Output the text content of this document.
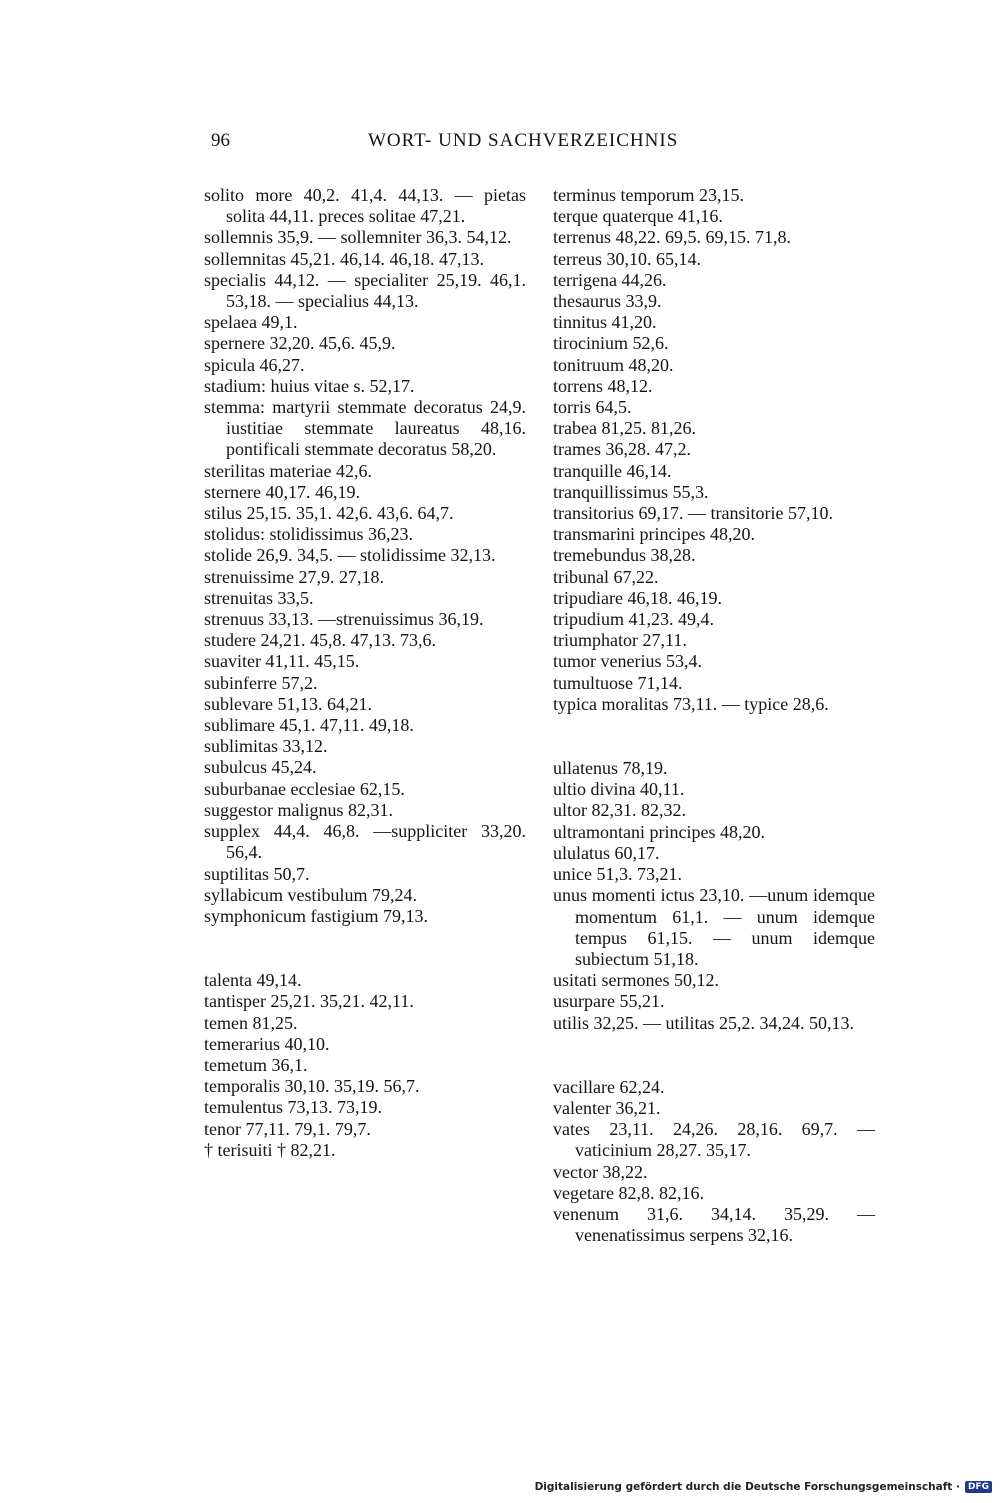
96	WORT- UND SACHVERZEICHNIS
solito more 40,2. 41,4. 44,13. — pietas solita 44,11. preces solitae 47,21.
sollemnis 35,9. — sollemniter 36,3. 54,12.
sollemnitas 45,21. 46,14. 46,18. 47,13.
specialis 44,12. — specialiter 25,19. 46,1. 53,18. — specialius 44,13.
spelaea 49,1.
spernere 32,20. 45,6. 45,9.
spicula 46,27.
stadium: huius vitae s. 52,17.
stemma: martyrii stemmate decoratus 24,9. iustitiae stemmate laureatus 48,16. pontificali stemmate decoratus 58,20.
sterilitas materiae 42,6.
sternere 40,17. 46,19.
stilus 25,15. 35,1. 42,6. 43,6. 64,7.
stolidus: stolidissimus 36,23.
stolide 26,9. 34,5. — stolidissime 32,13.
strenuissime 27,9. 27,18.
strenuitas 33,5.
strenuus 33,13. —strenuissimus 36,19.
studere 24,21. 45,8. 47,13. 73,6.
suaviter 41,11. 45,15.
subinferre 57,2.
sublevare 51,13. 64,21.
sublimare 45,1. 47,11. 49,18.
sublimitas 33,12.
subulcus 45,24.
suburbanae ecclesiae 62,15.
suggestor malignus 82,31.
supplex 44,4. 46,8. —suppliciter 33,20. 56,4.
suptilitas 50,7.
syllabicum vestibulum 79,24.
symphonicum fastigium 79,13.
talenta 49,14.
tantisper 25,21. 35,21. 42,11.
temen 81,25.
temerarius 40,10.
temetum 36,1.
temporalis 30,10. 35,19. 56,7.
temulentus 73,13. 73,19.
tenor 77,11. 79,1. 79,7.
† terisuiti † 82,21.
terminus temporum 23,15.
terque quaterque 41,16.
terrenus 48,22. 69,5. 69,15. 71,8.
terreus 30,10. 65,14.
terrigena 44,26.
thesaurus 33,9.
tinnitus 41,20.
tirocinium 52,6.
tonitruum 48,20.
torrens 48,12.
torris 64,5.
trabea 81,25. 81,26.
trames 36,28. 47,2.
tranquille 46,14.
tranquillissimus 55,3.
transitorius 69,17. — transitorie 57,10.
transmarini principes 48,20.
tremebundus 38,28.
tribunal 67,22.
tripudiare 46,18. 46,19.
tripudium 41,23. 49,4.
triumphator 27,11.
tumor venerius 53,4.
tumultuose 71,14.
typica moralitas 73,11. — typice 28,6.
ullatenus 78,19.
ultio divina 40,11.
ultor 82,31. 82,32.
ultramontani principes 48,20.
ululatus 60,17.
unice 51,3. 73,21.
unus momenti ictus 23,10. —unum idemque momentum 61,1. — unum idemque tempus 61,15. — unum idemque subiectum 51,18.
usitati sermones 50,12.
usurpare 55,21.
utilis 32,25. — utilitas 25,2. 34,24. 50,13.
vacillare 62,24.
valenter 36,21.
vates 23,11. 24,26. 28,16. 69,7. —vaticinium 28,27. 35,17.
vector 38,22.
vegetare 82,8. 82,16.
venenum 31,6. 34,14. 35,29. —venenatissimus serpens 32,16.
Digitalisierung gefördert durch die Deutsche Forschungsgemeinschaft · DFG
